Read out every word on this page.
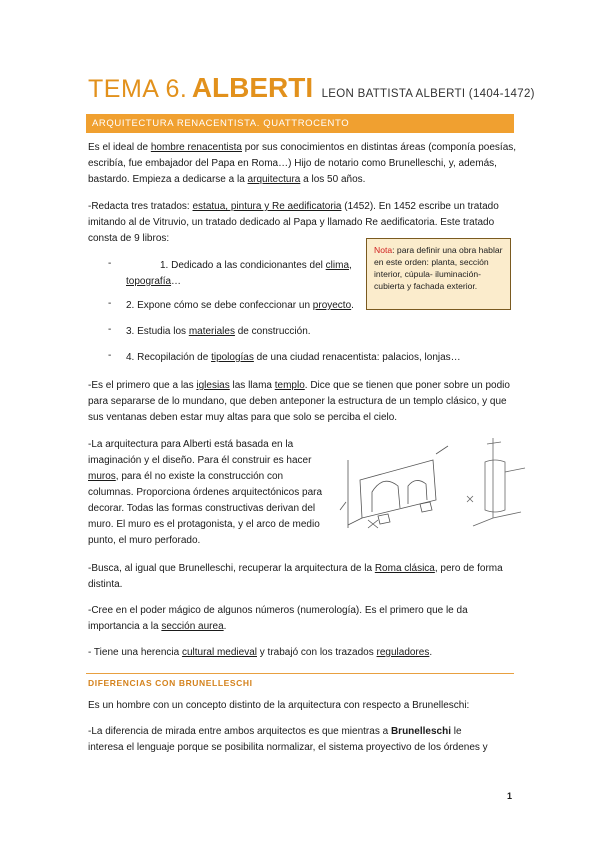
TEMA 6. ALBERTI LEON BATTISTA ALBERTI (1404-1472)
ARQUITECTURA RENACENTISTA. QUATTROCENTO
Es el ideal de hombre renacentista por sus conocimientos en distintas áreas (componía poesías,
escribía, fue embajador del Papa en Roma…) Hijo de notario como Brunelleschi, y, además,
bastardo. Empieza a dedicarse a la arquitectura a los 50 años.
-Redacta tres tratados: estatua, pintura y Re aedificatoria (1452). En 1452 escribe un tratado
imitando al de Vitruvio, un tratado dedicado al Papa y llamado Re aedificatoria. Este tratado
consta de 9 libros:
Nota: para definir una obra hablar en este orden: planta, sección interior, cúpula- iluminación-cubierta y fachada exterior.
-	1. Dedicado a las condicionantes del clima,
topografía…
- 2. Expone cómo se debe confeccionar un proyecto.
- 3. Estudia los materiales de construcción.
- 4. Recopilación de tipologías de una ciudad renacentista: palacios, lonjas…
-Es el primero que a las iglesias las llama templo. Dice que se tienen que poner sobre un podio
para separarse de lo mundano, que deben anteponer la estructura de un templo clásico, y que
sus ventanas deben estar muy altas para que solo se perciba el cielo.
-La arquitectura para Alberti está basada en la
imaginación y el diseño. Para él construir es hacer
muros, para él no existe la construcción con
columnas. Proporciona órdenes arquitectónicos para
decorar. Todas las formas constructivas derivan del
muro. El muro es el protagonista, y el arco de medio
punto, el muro perforado.
-Busca, al igual que Brunelleschi, recuperar la arquitectura de la Roma clásica, pero de forma
distinta.
-Cree en el poder mágico de algunos números (numerología). Es el primero que le da
importancia a la sección aurea.
- Tiene una herencia cultural medieval y trabajó con los trazados reguladores.
DIFERENCIAS CON BRUNELLESCHI
Es un hombre con un concepto distinto de la arquitectura con respecto a Brunelleschi:
-La diferencia de mirada entre ambos arquitectos es que mientras a Brunelleschi le
interesa el lenguaje porque se posibilita normalizar, el sistema proyectivo de los órdenes y
1
